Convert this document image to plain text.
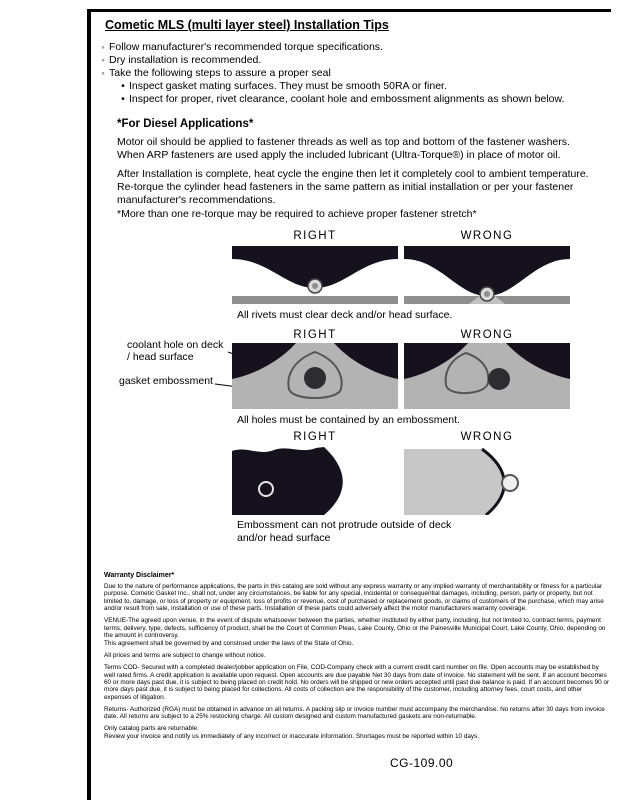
Cometic MLS (multi layer steel) Installation Tips
◦ Follow manufacturer's recommended torque specifications.
◦ Dry installation is recommended.
◦ Take the following steps to assure a proper seal
• Inspect gasket mating surfaces. They must be smooth 50RA or finer.
• Inspect for proper, rivet clearance, coolant hole and embossment alignments as shown below.
*For Diesel Applications*
Motor oil should be applied to fastener threads as well as top and bottom of the fastener washers. When ARP fasteners are used apply the included lubricant (Ultra-Torque®) in place of motor oil.
After Installation is complete, heat cycle the engine then let it completely cool to ambient temperature. Re-torque the cylinder head fasteners in the same pattern as initial installation or per your fastener manufacturer's recommendations.
*More than one re-torque may be required to achieve proper fastener stretch*
RIGHT	WRONG
All rivets must clear deck and/or head surface.
RIGHT	WRONG
coolant hole on deck / head surface
gasket embossment
All holes must be contained by an embossment.
RIGHT	WRONG
Embossment can not protrude outside of deck and/or head surface
Warranty Disclaimer*

Due to the nature of performance applications, the parts in this catalog are sold without any express warranty or any implied warranty of merchantability or fitness for a particular purpose. Cometic Gasket Inc., shall not, under any circumstances, be liable for any special, incidental or consequential damages, including, person, party or property, but not limited to, damage, or loss of property or equipment, loss of profits or revenue, cost of purchased or replacement goods, or claims of customers of the purchase, which may arise and/or result from sale, installation or use of these parts. Installation of these parts could adversely affect the motor manufacturers warranty coverage.

VENUE-The agreed upon venue, in the event of dispute whatsoever between the parties, whether instituted by either party, including, but not limited to, contract terms, payment terms, delivery, type, defects, sufficiency of product, shall be the Court of Common Pleas, Lake County, Ohio or the Painesville Municipal Court, Lake County, Ohio, depending on the amount in controversy.

This agreement shall be governed by and construed under the laws of the State of Ohio.

All prices and terms are subject to change without notice.

Terms COD- Secured with a completed dealer/jobber application on File, COD-Company check with a current credit card number on file. Open accounts may be established by well rated firms. A credit application is available upon request. Open accounts are due payable Net 30 days from date of invoice. No statement will be sent. If an account becomes 60 or more days past due, it is subject to being placed on credit hold. No orders will be shipped or new orders accepted until past due balance is paid. If an account becomes 90 or more days past due, it is subject to being placed for collections. All costs of collection are the responsibility of the customer, including attorney fees, court costs, and other expenses of litigation.

Returns- Authorized (RGA) must be obtained in advance on all returns. A packing slip or invoice number must accompany the merchandise. No returns after 30 days from invoice date. All returns are subject to a 25% restocking charge. All custom designed and custom manufactured gaskets are non-returnable.

Only catalog parts are returnable.

Review your invoice and notify us immediately of any incorrect or inaccurate information. Shortages must be reported within 10 days.

CG-109.00
